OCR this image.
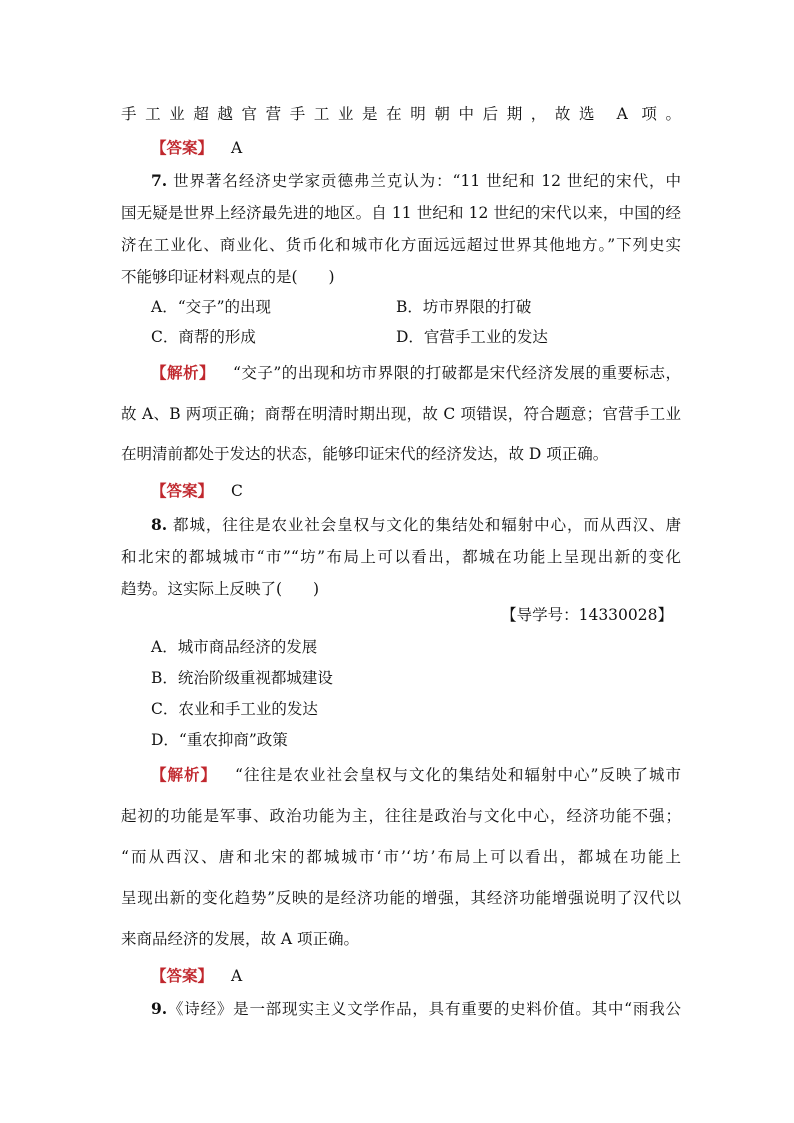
手工业超越官营手工业是在明朝中后期，故选 A 项。
【答案】 A
7. 世界著名经济史学家贡德弗兰克认为：“11 世纪和 12 世纪的宋代，中
国无疑是世界上经济最先进的地区。自 11 世纪和 12 世纪的宋代以来，中国的经
济在工业化、商业化、货币化和城市化方面远远超过世界其他地方。”下列史实
不能够印证材料观点的是(　　)
A．“交子”的出现	B．坊市界限的打破
C．商帮的形成	D．官营手工业的发达
【解析】 “交子”的出现和坊市界限的打破都是宋代经济发展的重要标志，
故 A、B 两项正确；商帮在明清时期出现，故 C 项错误，符合题意；官营手工业
在明清前都处于发达的状态，能够印证宋代的经济发达，故 D 项正确。
【答案】 C
8. 都城，往往是农业社会皇权与文化的集结处和辐射中心，而从西汉、唐
和北宋的都城城市“市”“坊”布局上可以看出，都城在功能上呈现出新的变化
趋势。这实际上反映了(　　)
【导学号：14330028】
A．城市商品经济的发展
B．统治阶级重视都城建设
C．农业和手工业的发达
D．“重农抑商”政策
【解析】 “往往是农业社会皇权与文化的集结处和辐射中心”反映了城市
起初的功能是军事、政治功能为主，往往是政治与文化中心，经济功能不强；
“而从西汉、唐和北宋的都城城市‘市’‘坊’布局上可以看出，都城在功能上
呈现出新的变化趋势”反映的是经济功能的增强，其经济功能增强说明了汉代以
来商品经济的发展，故 A 项正确。
【答案】 A
9.《诗经》是一部现实主义文学作品，具有重要的史料价值。其中“雨我公
